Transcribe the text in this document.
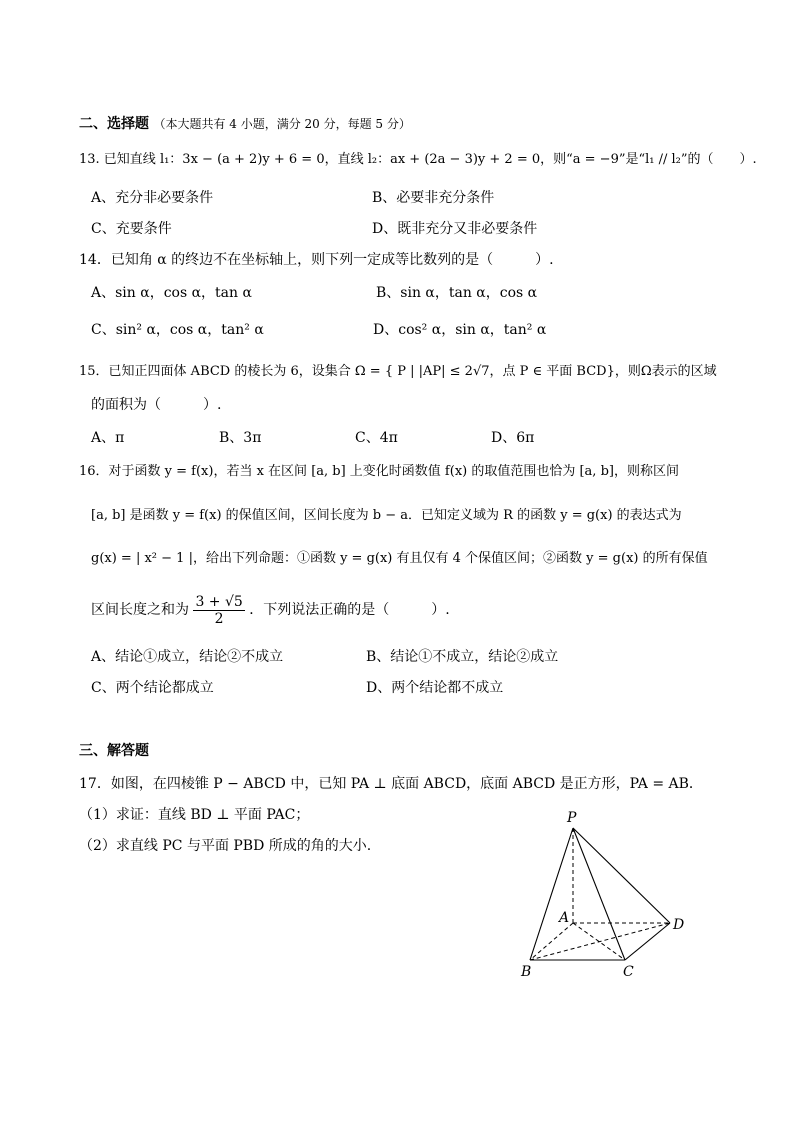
二、选择题 （本大题共有 4 小题，满分 20 分，每题 5 分）
13. 已知直线 l₁：3x − (a + 2)y + 6 = 0，直线 l₂：ax + (2a − 3)y + 2 = 0，则“a = −9”是“l₁ // l₂”的（　　）.
A、充分非必要条件	B、必要非充分条件
C、充要条件	D、既非充分又非必要条件
14．已知角 α 的终边不在坐标轴上，则下列一定成等比数列的是（　　　）.
A、sin α，cos α，tan α	B、sin α，tan α，cos α
C、sin² α，cos α，tan² α	D、cos² α，sin α，tan² α
15．已知正四面体 ABCD 的棱长为 6，设集合 Ω = { P | |AP| ≤ 2√7，点 P ∈ 平面 BCD}，则Ω表示的区域
的面积为（　　　）.
A、π	B、3π	C、4π	D、6π
16．对于函数 y = f(x)，若当 x 在区间 [a, b] 上变化时函数值 f(x) 的取值范围也恰为 [a, b]，则称区间
[a, b] 是函数 y = f(x) 的保值区间，区间长度为 b − a．已知定义域为 R 的函数 y = g(x) 的表达式为
g(x) = | x² − 1 |，给出下列命题：①函数 y = g(x) 有且仅有 4 个保值区间；②函数 y = g(x) 的所有保值
区间长度之和为 $\frac{3 + √5}{2}$ ．下列说法正确的是（　　　）.
A、结论①成立，结论②不成立	B、结论①不成立，结论②成立
C、两个结论都成立	D、两个结论都不成立
三、解答题
17．如图，在四棱锥 P − ABCD 中，已知 PA ⊥ 底面 ABCD，底面 ABCD 是正方形，PA = AB．
（1）求证：直线 BD ⊥ 平面 PAC；
（2）求直线 PC 与平面 PBD 所成的角的大小.
P
A
B	C
D
